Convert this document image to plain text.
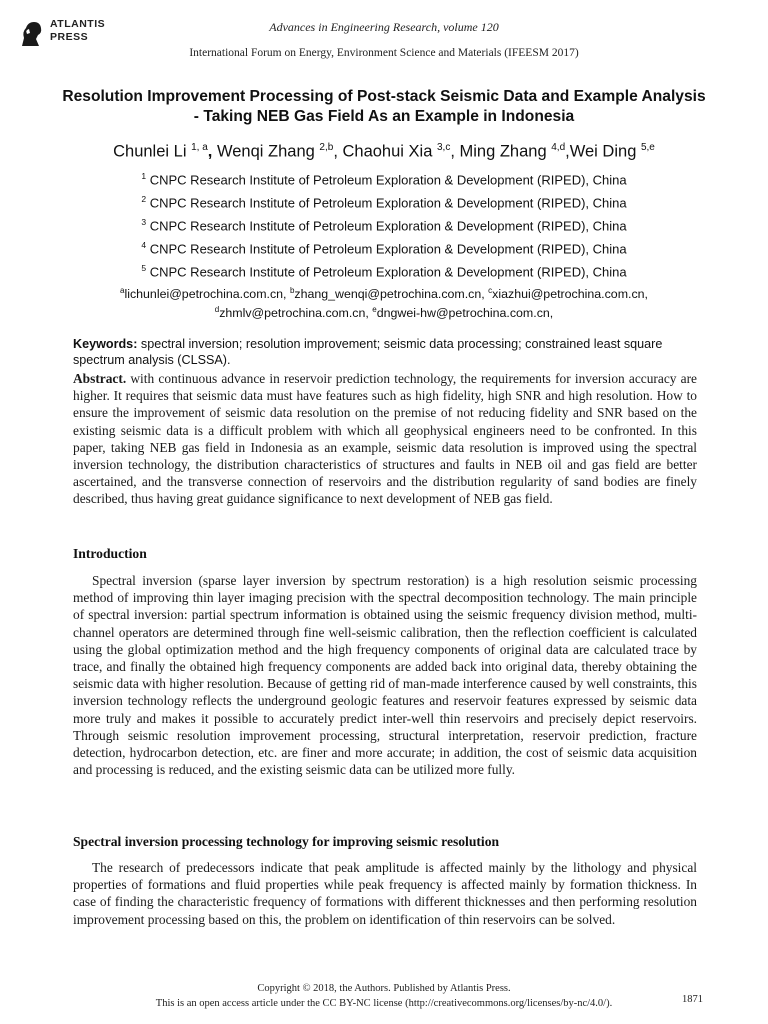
ATLANTIS
PRESS
Advances in Engineering Research, volume 120
International Forum on Energy, Environment Science and Materials (IFEESM 2017)
Resolution Improvement Processing of Post-stack Seismic Data and Example Analysis - Taking NEB Gas Field As an Example in Indonesia
Chunlei Li $^{1, a}$, Wenqi Zhang $^{2,b}$, Chaohui Xia $^{3,c}$, Ming Zhang $^{4,d}$,Wei Ding $^{5,e}$
$^1$ CNPC Research Institute of Petroleum Exploration & Development (RIPED), China
$^2$ CNPC Research Institute of Petroleum Exploration & Development (RIPED), China
$^3$ CNPC Research Institute of Petroleum Exploration & Development (RIPED), China
$^4$ CNPC Research Institute of Petroleum Exploration & Development (RIPED), China
$^5$ CNPC Research Institute of Petroleum Exploration & Development (RIPED), China
$^a$lichunlei@petrochina.com.cn, $^b$zhang_wenqi@petrochina.com.cn, $^c$xiazhui@petrochina.com.cn,
$^d$zhmlv@petrochina.com.cn, $^e$dngwei-hw@petrochina.com.cn,
Keywords: spectral inversion; resolution improvement; seismic data processing; constrained least square spectrum analysis (CLSSA).
Abstract. with continuous advance in reservoir prediction technology, the requirements for inversion accuracy are higher. It requires that seismic data must have features such as high fidelity, high SNR and high resolution. How to ensure the improvement of seismic data resolution on the premise of not reducing fidelity and SNR based on the existing seismic data is a difficult problem with which all geophysical engineers need to be confronted. In this paper, taking NEB gas field in Indonesia as an example, seismic data resolution is improved using the spectral inversion technology, the distribution characteristics of structures and faults in NEB oil and gas field are better ascertained, and the transverse connection of reservoirs and the distribution regularity of sand bodies are finely described, thus having great guidance significance to next development of NEB gas field.
Introduction
Spectral inversion (sparse layer inversion by spectrum restoration) is a high resolution seismic processing method of improving thin layer imaging precision with the spectral decomposition technology. The main principle of spectral inversion: partial spectrum information is obtained using the seismic frequency division method, multi-channel operators are determined through fine well-seismic calibration, then the reflection coefficient is calculated using the global optimization method and the high frequency components of original data are calculated trace by trace, and finally the obtained high frequency components are added back into original data, thereby obtaining the seismic data with higher resolution. Because of getting rid of man-made interference caused by well constraints, this inversion technology reflects the underground geologic features and reservoir features expressed by seismic data more truly and makes it possible to accurately predict inter-well thin reservoirs and precisely depict reservoirs. Through seismic resolution improvement processing, structural interpretation, reservoir prediction, fracture detection, hydrocarbon detection, etc. are finer and more accurate; in addition, the cost of seismic data acquisition and processing is reduced, and the existing seismic data can be utilized more fully.
Spectral inversion processing technology for improving seismic resolution
The research of predecessors indicate that peak amplitude is affected mainly by the lithology and physical properties of formations and fluid properties while peak frequency is affected mainly by formation thickness. In case of finding the characteristic frequency of formations with different thicknesses and then performing resolution improvement processing based on this, the problem on identification of thin reservoirs can be solved.
Copyright © 2018, the Authors. Published by Atlantis Press.
This is an open access article under the CC BY-NC license (http://creativecommons.org/licenses/by-nc/4.0/).	1871
